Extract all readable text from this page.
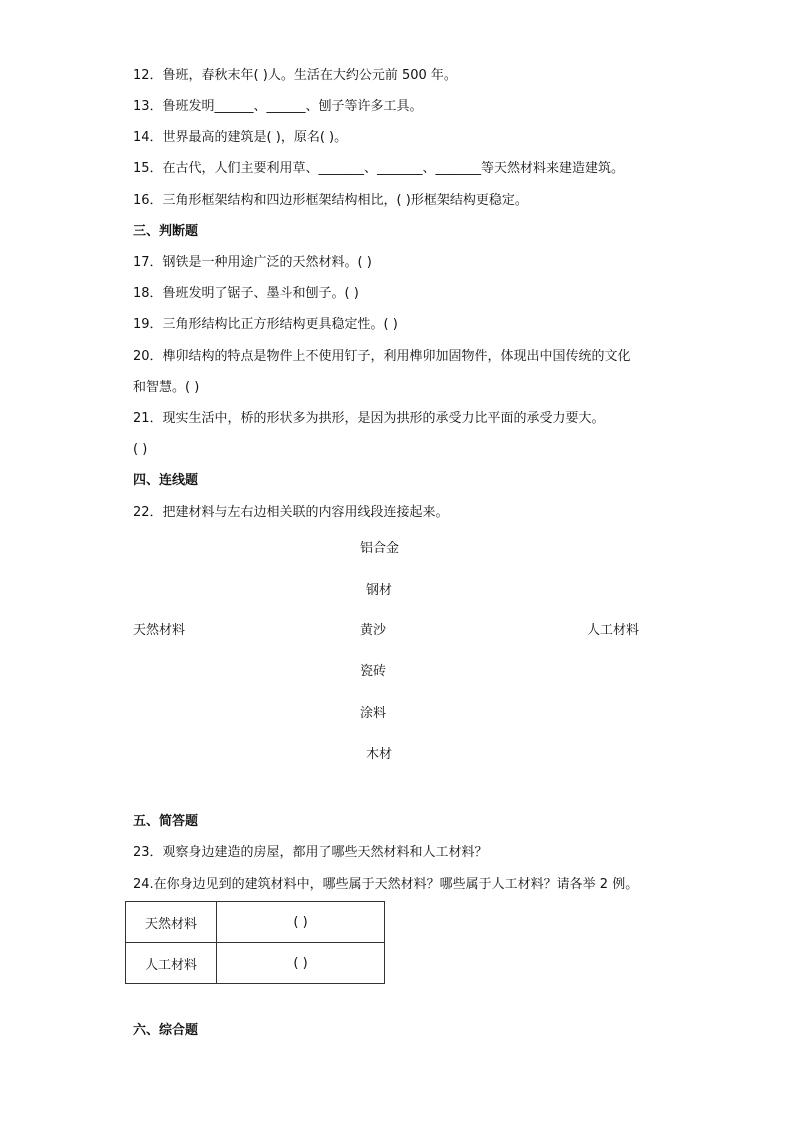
12．鲁班，春秋末年( )人。生活在大约公元前 500 年。
13．鲁班发明______、______、刨子等许多工具。
14．世界最高的建筑是( )，原名( )。
15．在古代，人们主要利用草、_______、_______、_______等天然材料来建造建筑。
16．三角形框架结构和四边形框架结构相比，( )形框架结构更稳定。
三、判断题
17．钢铁是一种用途广泛的天然材料。( )
18．鲁班发明了锯子、墨斗和刨子。( )
19．三角形结构比正方形结构更具稳定性。( )
20．榫卯结构的特点是物件上不使用钉子，利用榫卯加固物件，体现出中国传统的文化
和智慧。( )
21．现实生活中，桥的形状多为拱形，是因为拱形的承受力比平面的承受力要大。
( )
四、连线题
22．把建材料与左右边相关联的内容用线段连接起来。
铝合金
钢材
天然材料	黄沙	人工材料
瓷砖
涂料
木材
五、简答题
23．观察身边建造的房屋，都用了哪些天然材料和人工材料？
24.在你身边见到的建筑材料中，哪些属于天然材料？哪些属于人工材料？请各举 2 例。
天然材料	( )
人工材料	( )
六、综合题
